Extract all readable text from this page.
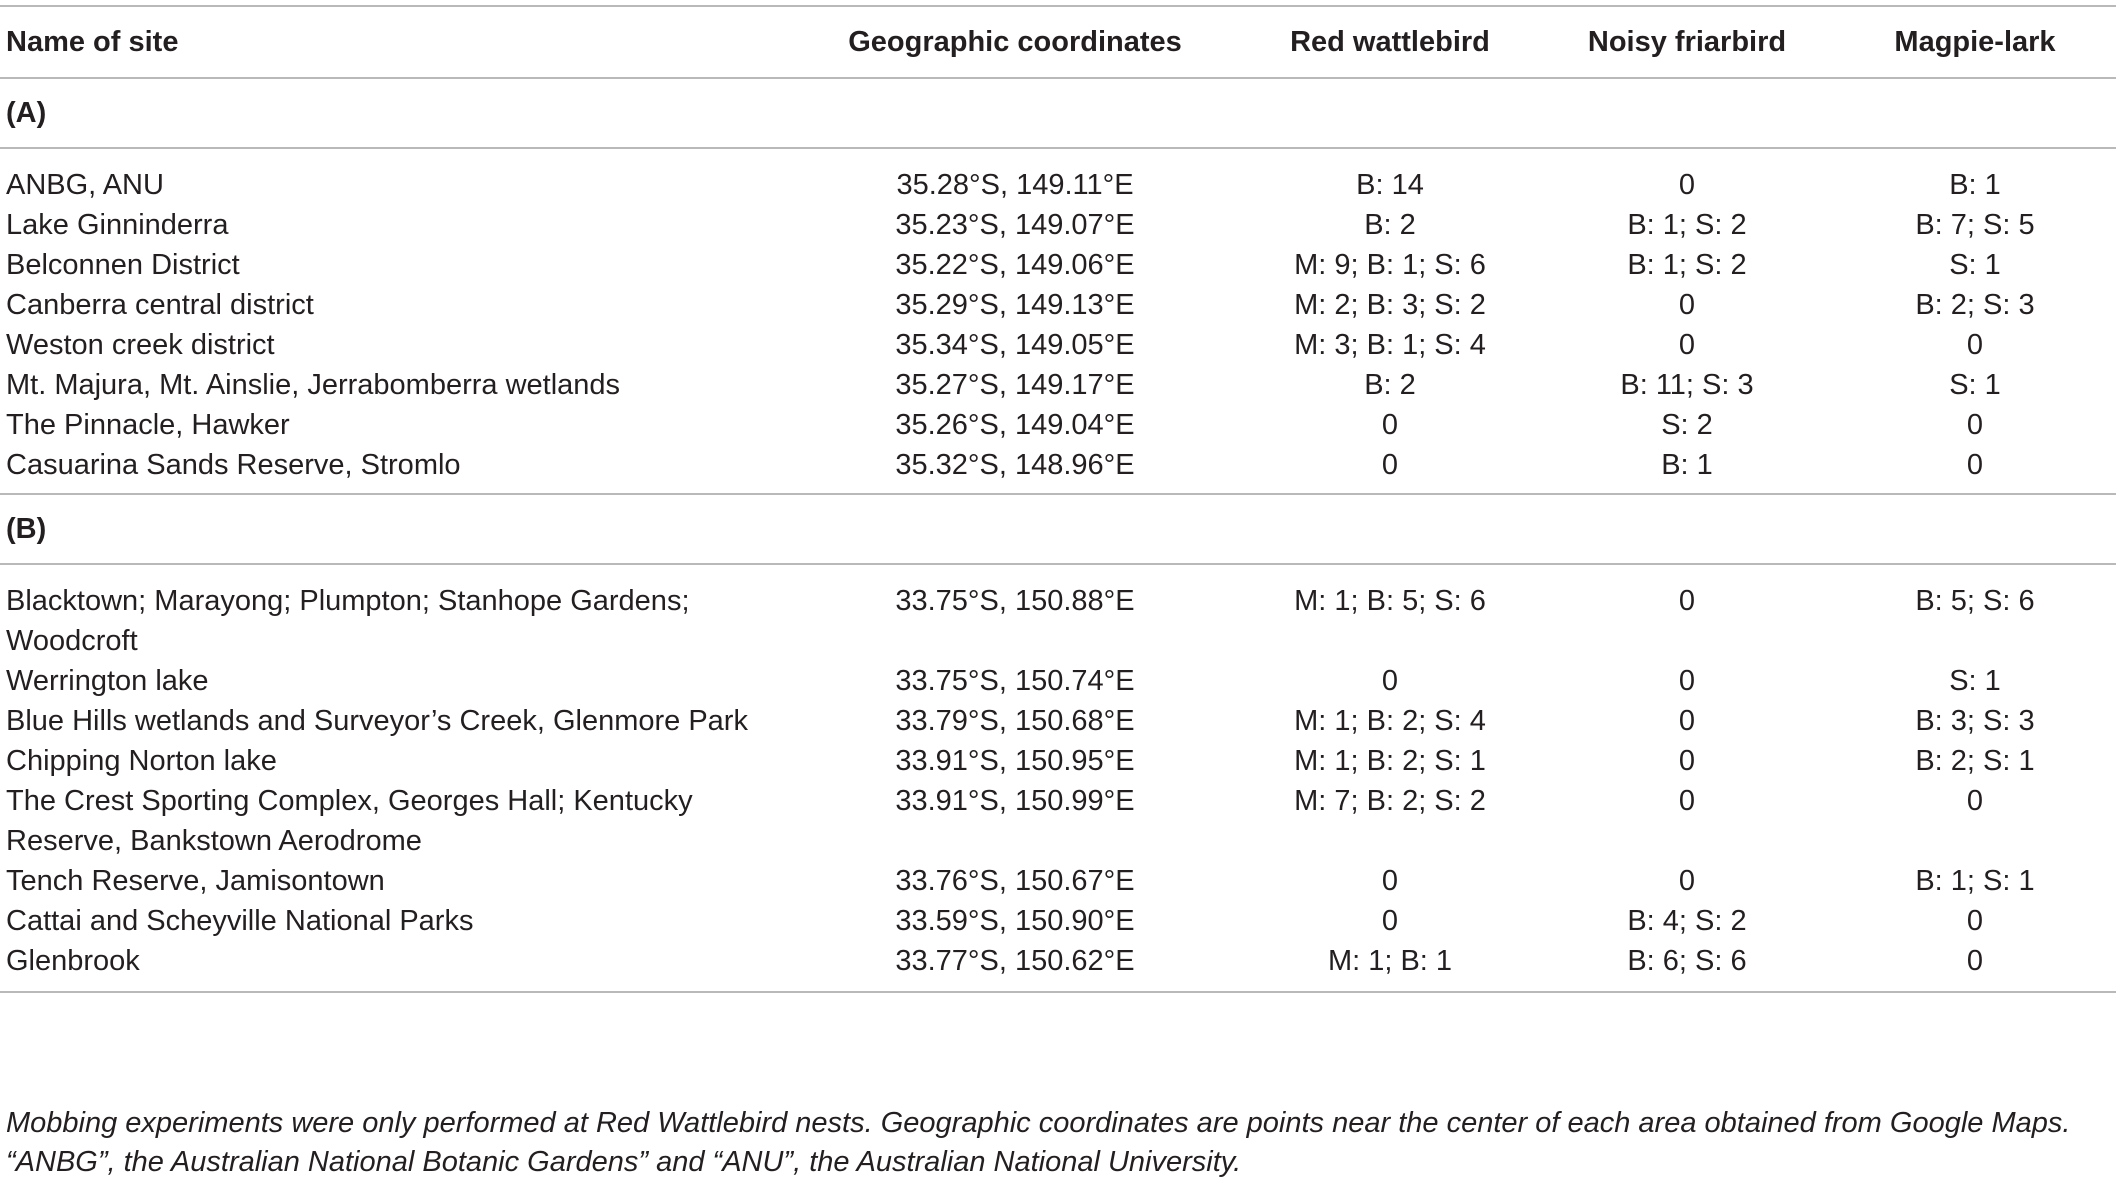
Name of site	Geographic coordinates	Red wattlebird	Noisy friarbird	Magpie-lark
(A)				
ANBG, ANU	35.28°S, 149.11°E	B: 14	0	B: 1
Lake Ginninderra	35.23°S, 149.07°E	B: 2	B: 1; S: 2	B: 7; S: 5
Belconnen District	35.22°S, 149.06°E	M: 9; B: 1; S: 6	B: 1; S: 2	S: 1
Canberra central district	35.29°S, 149.13°E	M: 2; B: 3; S: 2	0	B: 2; S: 3
Weston creek district	35.34°S, 149.05°E	M: 3; B: 1; S: 4	0	0
Mt. Majura, Mt. Ainslie, Jerrabomberra wetlands	35.27°S, 149.17°E	B: 2	B: 11; S: 3	S: 1
The Pinnacle, Hawker	35.26°S, 149.04°E	0	S: 2	0
Casuarina Sands Reserve, Stromlo	35.32°S, 148.96°E	0	B: 1	0
(B)				
Blacktown; Marayong; Plumpton; Stanhope Gardens; Woodcroft	33.75°S, 150.88°E	M: 1; B: 5; S: 6	0	B: 5; S: 6
Werrington lake	33.75°S, 150.74°E	0	0	S: 1
Blue Hills wetlands and Surveyor’s Creek, Glenmore Park	33.79°S, 150.68°E	M: 1; B: 2; S: 4	0	B: 3; S: 3
Chipping Norton lake	33.91°S, 150.95°E	M: 1; B: 2; S: 1	0	B: 2; S: 1
The Crest Sporting Complex, Georges Hall; Kentucky Reserve, Bankstown Aerodrome	33.91°S, 150.99°E	M: 7; B: 2; S: 2	0	0
Tench Reserve, Jamisontown	33.76°S, 150.67°E	0	0	B: 1; S: 1
Cattai and Scheyville National Parks	33.59°S, 150.90°E	0	B: 4; S: 2	0
Glenbrook	33.77°S, 150.62°E	M: 1; B: 1	B: 6; S: 6	0
Mobbing experiments were only performed at Red Wattlebird nests. Geographic coordinates are points near the center of each area obtained from Google Maps. “ANBG”, the Australian National Botanic Gardens” and “ANU”, the Australian National University.
